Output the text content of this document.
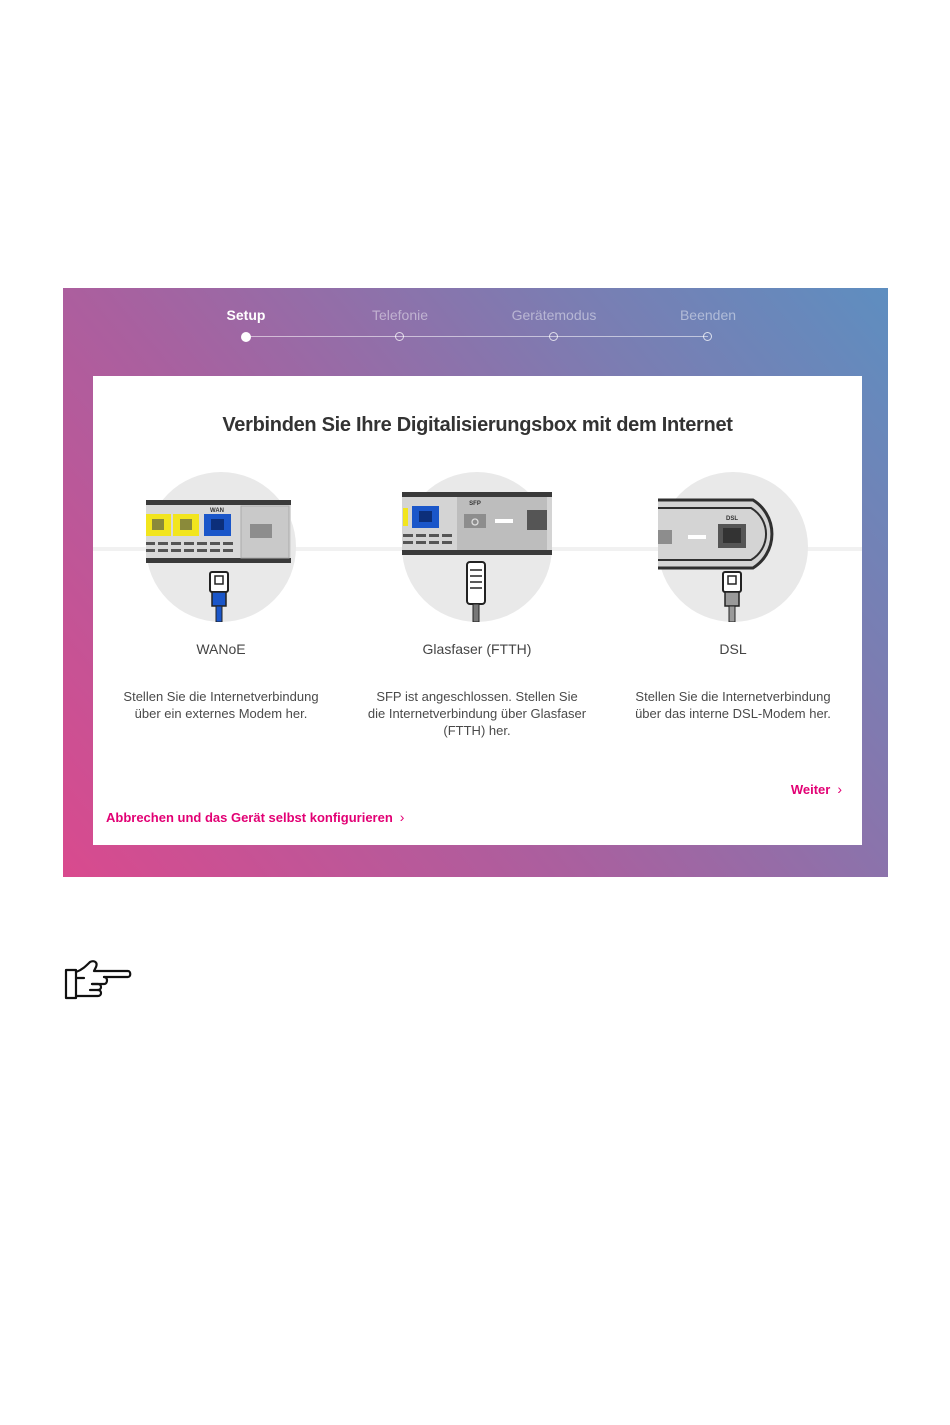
Setup	Telefonie	Gerätemodus	Beenden
Verbinden Sie Ihre Digitalisierungsbox mit dem Internet
WAN
WANoE
Stellen Sie die Internetverbindung über ein externes Modem her.
SFP
Glasfaser (FTTH)
SFP ist angeschlossen. Stellen Sie die Internetverbindung über Glasfaser (FTTH) her.
DSL
DSL
Stellen Sie die Internetverbindung über das interne DSL-Modem her.
Weiter ›
Abbrechen und das Gerät selbst konfigurieren ›
